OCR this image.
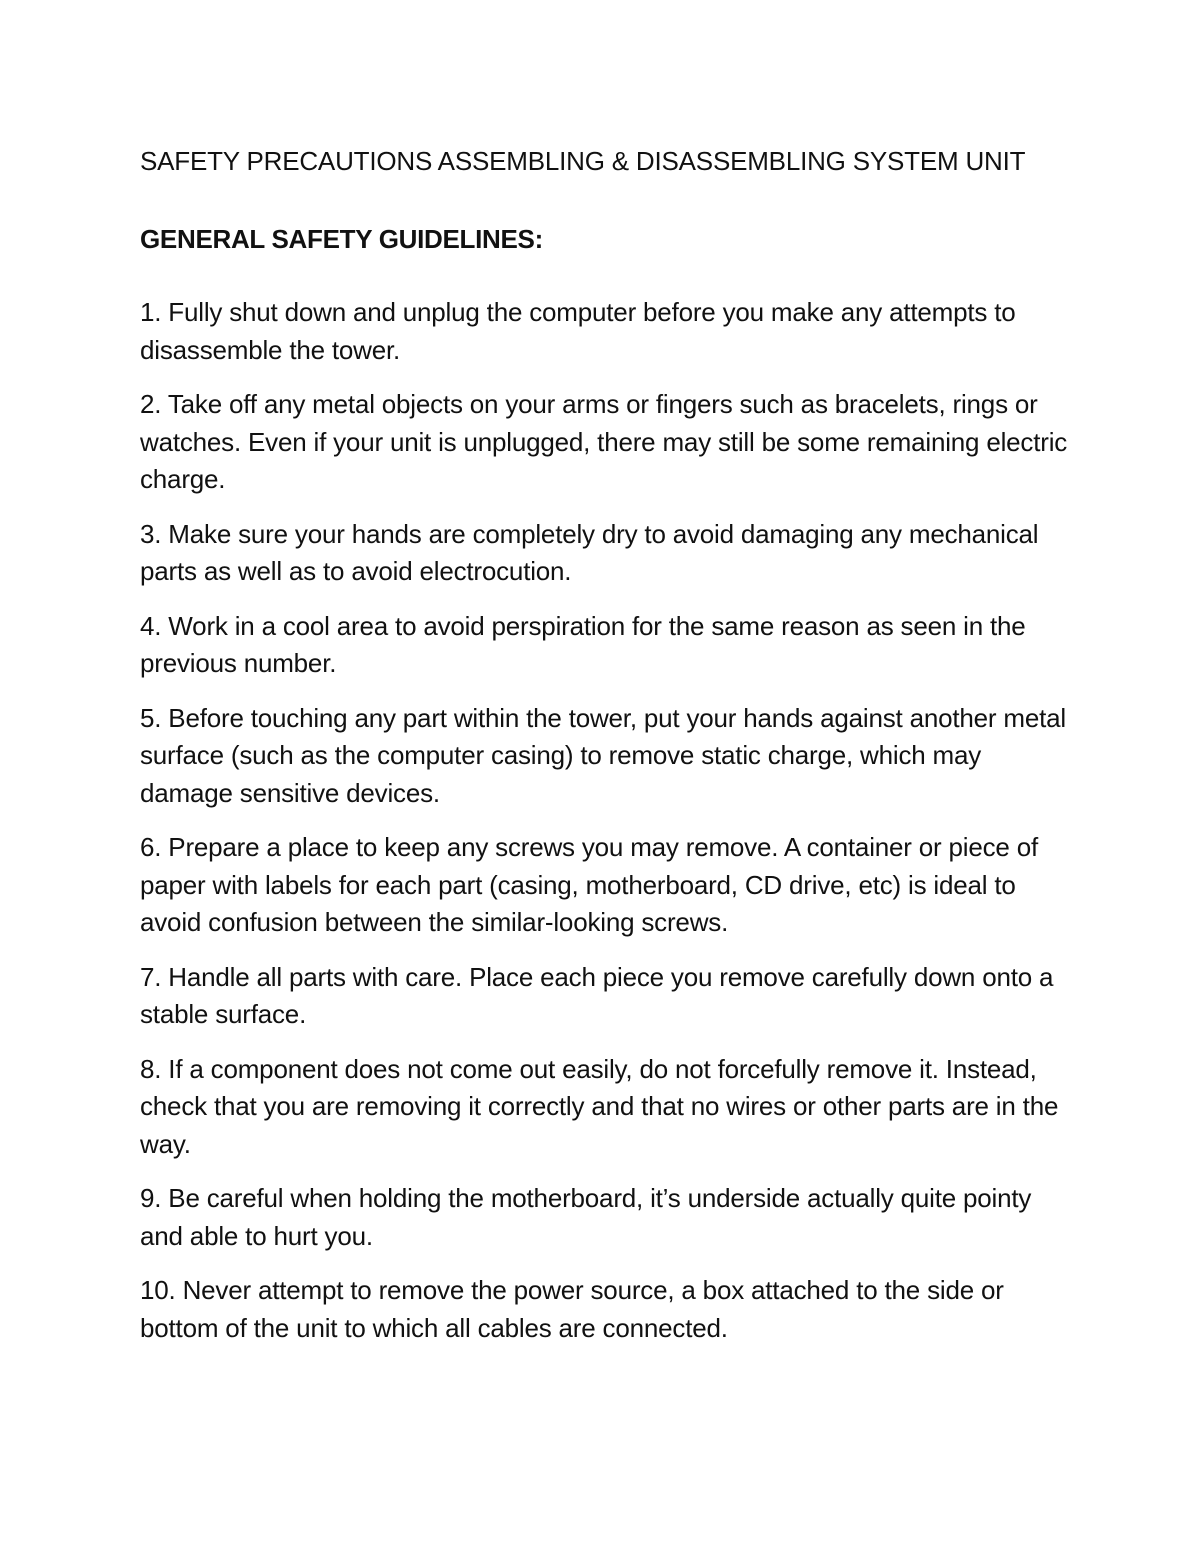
SAFETY PRECAUTIONS ASSEMBLING & DISASSEMBLING SYSTEM UNIT
GENERAL SAFETY GUIDELINES:
1. Fully shut down and unplug the computer before you make any attempts to disassemble the tower.
2. Take off any metal objects on your arms or fingers such as bracelets, rings or watches. Even if your unit is unplugged, there may still be some remaining electric charge.
3. Make sure your hands are completely dry to avoid damaging any mechanical parts as well as to avoid electrocution.
4. Work in a cool area to avoid perspiration for the same reason as seen in the previous number.
5. Before touching any part within the tower, put your hands against another metal surface (such as the computer casing) to remove static charge, which may damage sensitive devices.
6. Prepare a place to keep any screws you may remove. A container or piece of paper with labels for each part (casing, motherboard, CD drive, etc) is ideal to avoid confusion between the similar-looking screws.
7. Handle all parts with care. Place each piece you remove carefully down onto a stable surface.
8. If a component does not come out easily, do not forcefully remove it. Instead, check that you are removing it correctly and that no wires or other parts are in the way.
9. Be careful when holding the motherboard, it’s underside actually quite pointy and able to hurt you.
10. Never attempt to remove the power source, a box attached to the side or bottom of the unit to which all cables are connected.
